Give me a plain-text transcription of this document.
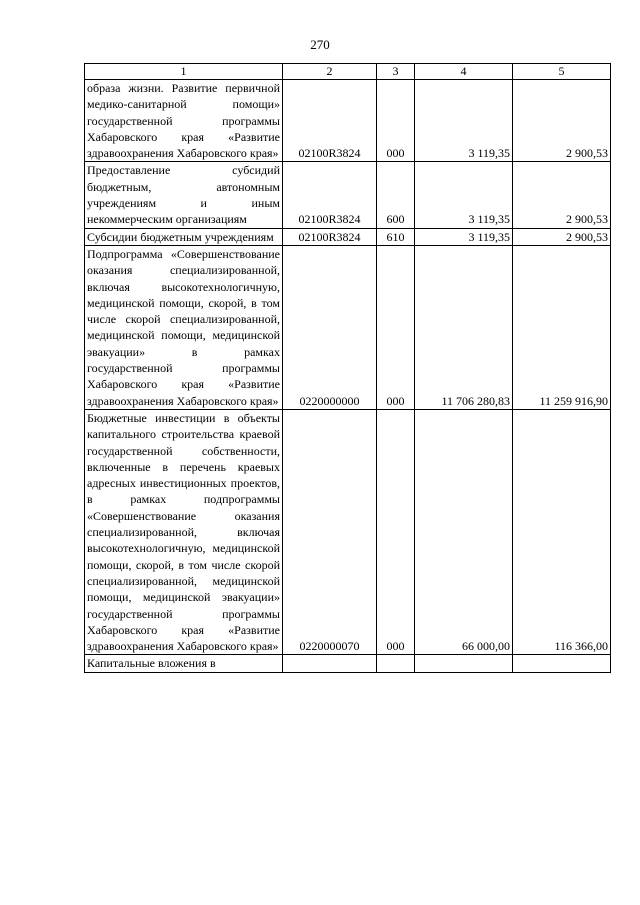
270
1	2	3	4	5
образа жизни. Развитие первичной медико-санитарной помощи» государственной программы Хабаровского края «Развитие здравоохранения Хабаровского края»	02100R3824	000	3 119,35	2 900,53
Предоставление субсидий бюджетным, автономным учреждениям и иным некоммерческим организациям	02100R3824	600	3 119,35	2 900,53
Субсидии бюджетным учреждениям	02100R3824	610	3 119,35	2 900,53
Подпрограмма «Совершенствование оказания специализированной, включая высокотехнологичную, медицинской помощи, скорой, в том числе скорой специализированной, медицинской помощи, медицинской эвакуации» в рамках государственной программы Хабаровского края «Развитие здравоохранения Хабаровского края»	0220000000	000	11 706 280,83	11 259 916,90
Бюджетные инвестиции в объекты капитального строительства краевой государственной собственности, включенные в перечень краевых адресных инвестиционных проектов, в рамках подпрограммы «Совершенствование оказания специализированной, включая высокотехнологичную, медицинской помощи, скорой, в том числе скорой специализированной, медицинской помощи, медицинской эвакуации» государственной программы Хабаровского края «Развитие здравоохранения Хабаровского края»	0220000070	000	66 000,00	116 366,00
Капитальные вложения в				
